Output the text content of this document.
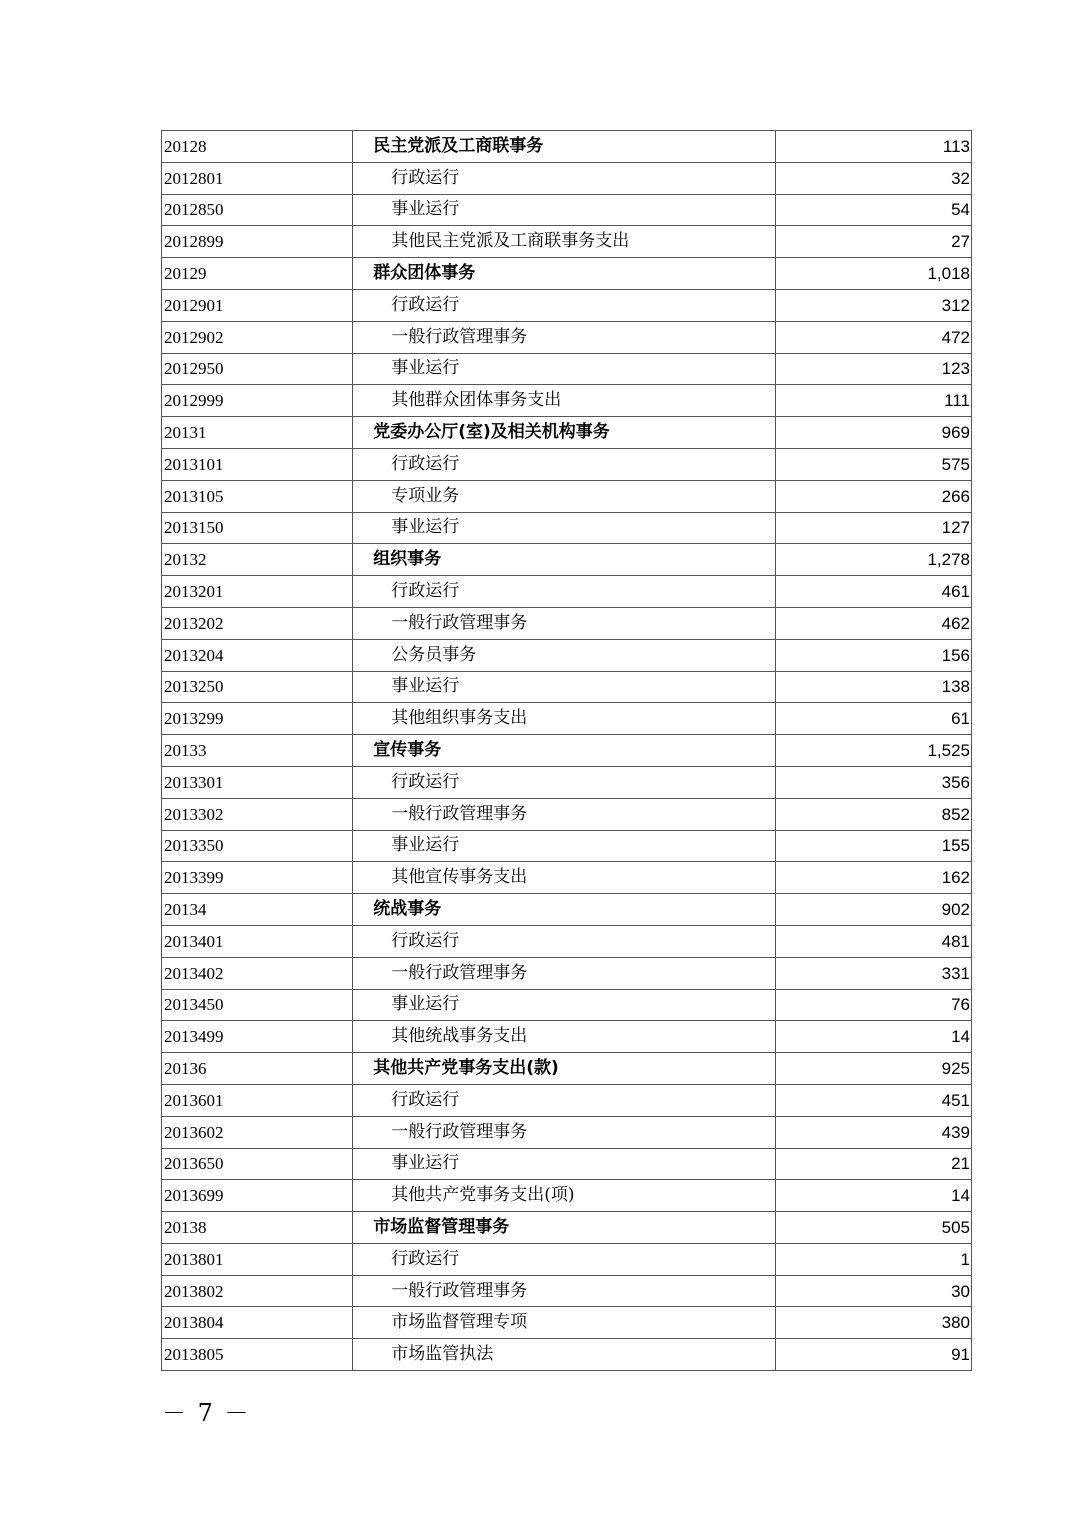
20128	民主党派及工商联事务	113
2012801	行政运行	32
2012850	事业运行	54
2012899	其他民主党派及工商联事务支出	27
20129	群众团体事务	1,018
2012901	行政运行	312
2012902	一般行政管理事务	472
2012950	事业运行	123
2012999	其他群众团体事务支出	111
20131	党委办公厅(室)及相关机构事务	969
2013101	行政运行	575
2013105	专项业务	266
2013150	事业运行	127
20132	组织事务	1,278
2013201	行政运行	461
2013202	一般行政管理事务	462
2013204	公务员事务	156
2013250	事业运行	138
2013299	其他组织事务支出	61
20133	宣传事务	1,525
2013301	行政运行	356
2013302	一般行政管理事务	852
2013350	事业运行	155
2013399	其他宣传事务支出	162
20134	统战事务	902
2013401	行政运行	481
2013402	一般行政管理事务	331
2013450	事业运行	76
2013499	其他统战事务支出	14
20136	其他共产党事务支出(款)	925
2013601	行政运行	451
2013602	一般行政管理事务	439
2013650	事业运行	21
2013699	其他共产党事务支出(项)	14
20138	市场监督管理事务	505
2013801	行政运行	1
2013802	一般行政管理事务	30
2013804	市场监督管理专项	380
2013805	市场监管执法	91
－ 7 －
